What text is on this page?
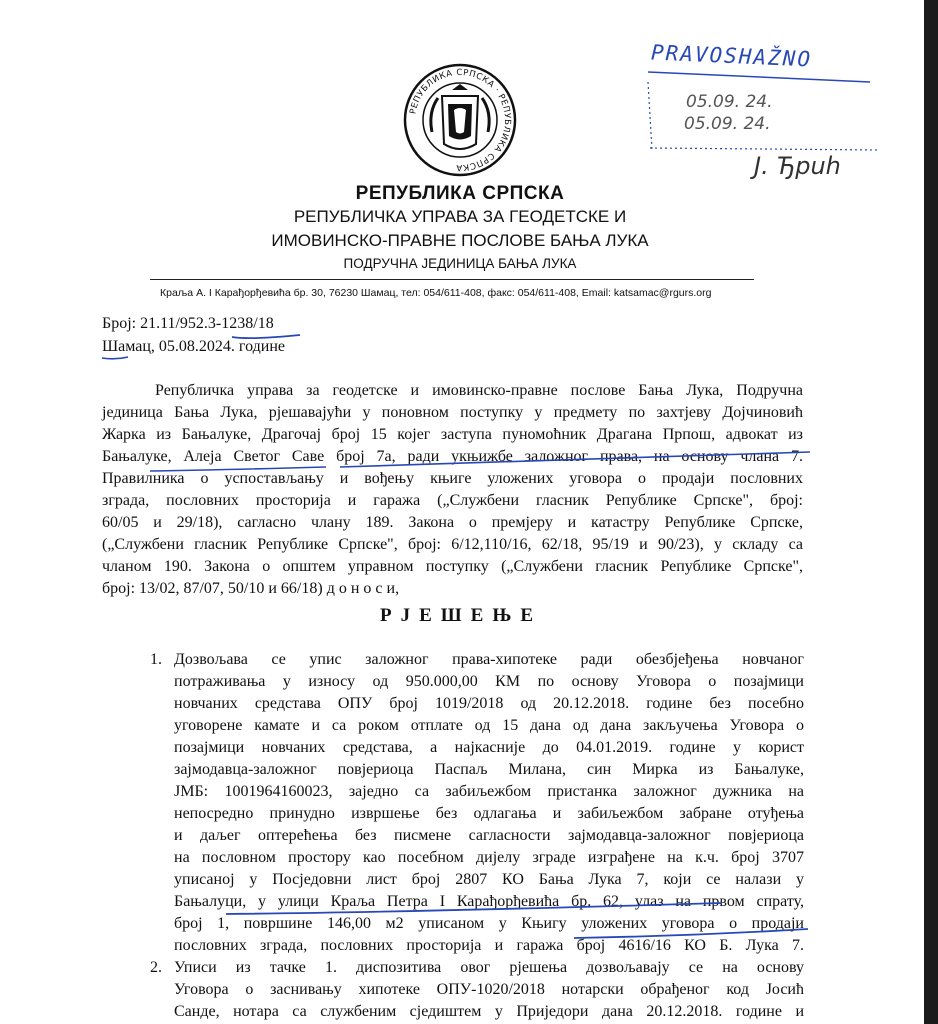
РЕПУБЛИКА СРПСКА · РЕПУБЛИКА СРПСКА
PRAVOSHAŽNO
05.09. 24.
05.09. 24.
J. Ђрuh
РЕПУБЛИКА СРПСКА
РЕПУБЛИЧКА УПРАВА ЗА ГЕОДЕТСКЕ И
ИМОВИНСКО-ПРАВНЕ ПОСЛОВЕ БАЊА ЛУКА
ПОДРУЧНА ЈЕДИНИЦА БАЊА ЛУКА
Краља А. I Карађорђевића бр. 30, 76230 Шамац, тел: 054/611-408, факс: 054/611-408, Email: katsamac@rgurs.org
Број: 21.11/952.3-1238/18
Шамац, 05.08.2024. године
Републичка управа за геодетске и имовинско-правне послове Бања Лука, Подручна
јединица Бања Лука, рјешавајући у поновном поступку у предмету по захтјеву Дојчиновић
Жарка из Бањалуке, Драгочај број 15 којег заступа пуномоћник Драгана Прпош, адвокат из
Бањалуке, Алеја Светог Саве број 7а, ради укњижбе заложног права, на основу члана 7.
Правилника о успостављању и вођењу књиге уложених уговора о продаји пословних
зграда, пословних просторија и гаража („Службени гласник Републике Српске", број:
60/05 и 29/18), сагласно члану 189. Закона о премјеру и катастру Републике Српске,
(„Службени гласник Републике Српске", број: 6/12,110/16, 62/18, 95/19 и 90/23), у складу са
чланом 190. Закона о општем управном поступку („Службени гласник Републике Српске",
број: 13/02, 87/07, 50/10 и 66/18) д о н о с и,
РЈЕШЕЊЕ
1. Дозвољава се упис заложног права-хипотеке ради обезбјеђења новчаног
потраживања у износу од 950.000,00 КМ по основу Уговора о позајмици
новчаних средстава ОПУ број 1019/2018 од 20.12.2018. године без посебно
уговорене камате и са роком отплате од 15 дана од дана закључења Уговора о
позајмици новчаних средстава, а најкасније до 04.01.2019. године у корист
зајмодавца-заложног повјериоца Паспаљ Милана, син Мирка из Бањалуке,
ЈМБ: 1001964160023, заједно са забиљежбом пристанка заложног дужника на
непосредно принудно извршење без одлагања и забиљежбом забране отуђења
и даљег оптерећења без писмене сагласности зајмодавца-заложног повјериоца
на пословном простору као посебном дијелу зграде изграђене на к.ч. број 3707
уписаној у Посједовни лист број 2807 КО Бања Лука 7, који се налази у
Бањалуци, у улици Краља Петра I Карађорђевића бр. 62, улаз на првом спрату,
број 1, површине 146,00 м2 уписаном у Књигу уложених уговора о продаји
пословних зграда, пословних просторија и гаража број 4616/16 КО Б. Лука 7.
2. Уписи из тачке 1. диспозитива овог рјешења дозвољавају се на основу
Уговора о заснивању хипотеке ОПУ-1020/2018 нотарски обрађеног код Јосић
Санде, нотара са службеним сједиштем у Приједори дана 20.12.2018. године и
